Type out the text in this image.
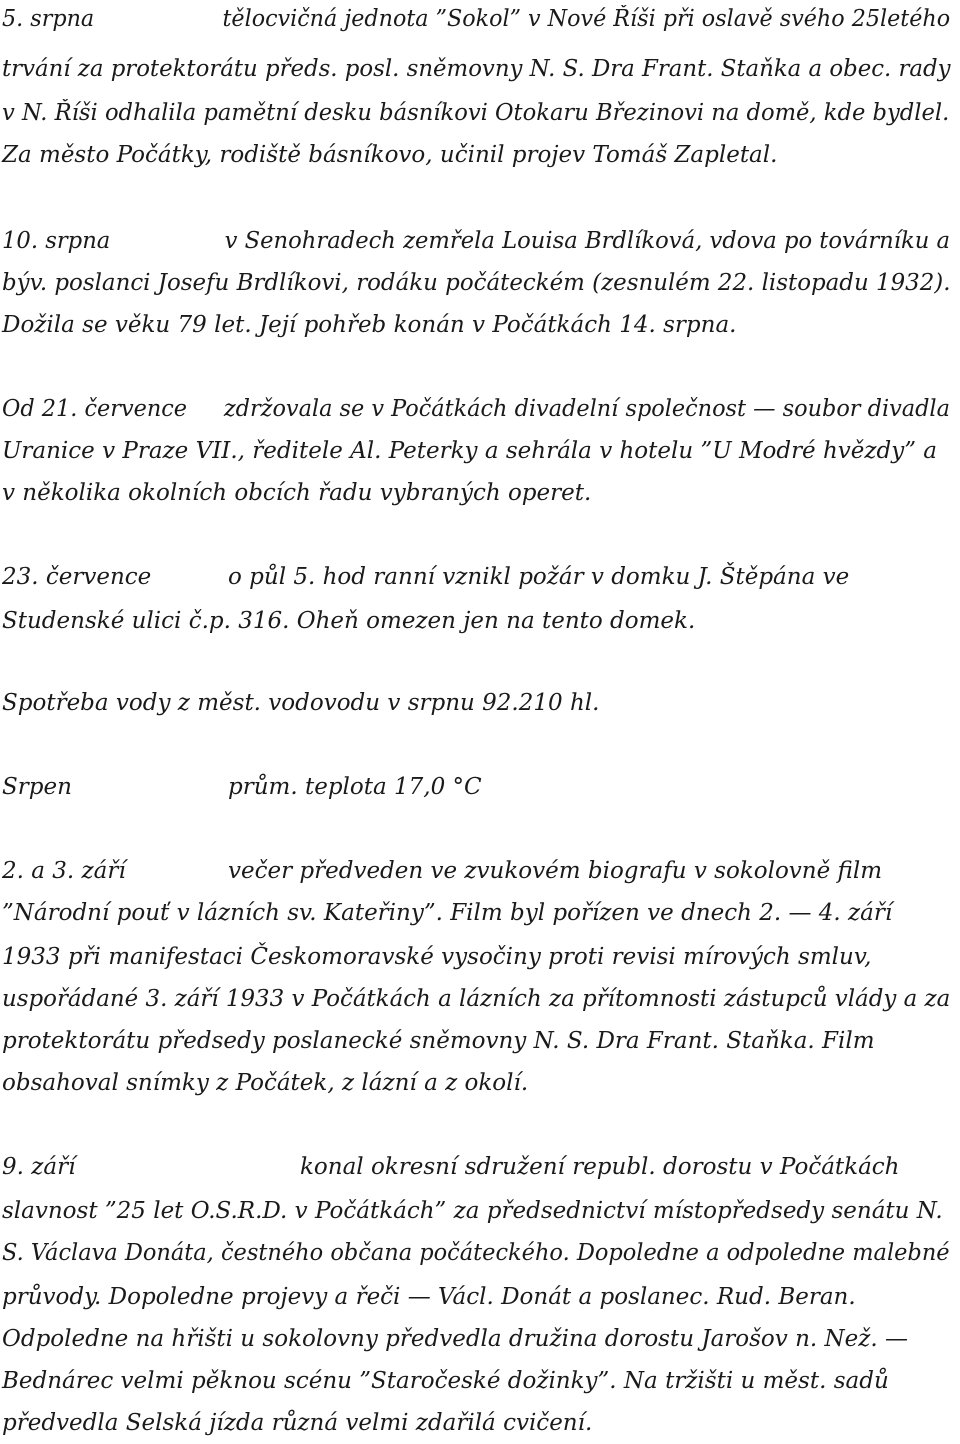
5. srpna	tělocvičná jednota ”Sokol” v Nové Říši při oslavě svého 25letého
trvání za protektorátu předs. posl. sněmovny N. S. Dra Frant. Staňka a obec. rady
v N. Říši odhalila pamětní desku básníkovi Otokaru Březinovi na domě, kde bydlel.
Za město Počátky, rodiště básníkovo, učinil projev Tomáš Zapletal.
10. srpna	v Senohradech zemřela Louisa Brdlíková, vdova po továrníku a
býv. poslanci Josefu Brdlíkovi, rodáku počáteckém (zesnulém 22. listopadu 1932).
Dožila se věku 79 let. Její pohřeb konán v Počátkách 14. srpna.
Od 21. července zdržovala se v Počátkách divadelní společnost — soubor divadla
Uranice v Praze VII., ředitele Al. Peterky a sehrála v hotelu ”U Modré hvězdy” a
v několika okolních obcích řadu vybraných operet.
23. července	o půl 5. hod ranní vznikl požár v domku J. Štěpána ve
Studenské ulici č.p. 316. Oheň omezen jen na tento domek.
Spotřeba vody z měst. vodovodu v srpnu 92.210 hl.
Srpen	prům. teplota 17,0 °C
2. a 3. září	večer předveden ve zvukovém biografu v sokolovně film
”Národní pouť v lázních sv. Kateřiny”. Film byl pořízen ve dnech 2. — 4. září
1933 při manifestaci Českomoravské vysočiny proti revisi mírových smluv,
uspořádané 3. září 1933 v Počátkách a lázních za přítomnosti zástupců vlády a za
protektorátu předsedy poslanecké sněmovny N. S. Dra Frant. Staňka. Film
obsahoval snímky z Počátek, z lázní a z okolí.
9. září	konal okresní sdružení republ. dorostu v Počátkách
slavnost ”25 let O.S.R.D. v Počátkách” za předsednictví místopředsedy senátu N.
S. Václava Donáta, čestného občana počáteckého. Dopoledne a odpoledne malebné
průvody. Dopoledne projevy a řeči — Václ. Donát a poslanec. Rud. Beran.
Odpoledne na hřišti u sokolovny předvedla družina dorostu Jarošov n. Než. —
Bednárec velmi pěknou scénu ”Staročeské dožinky”. Na tržišti u měst. sadů
předvedla Selská jízda různá velmi zdařilá cvičení.
